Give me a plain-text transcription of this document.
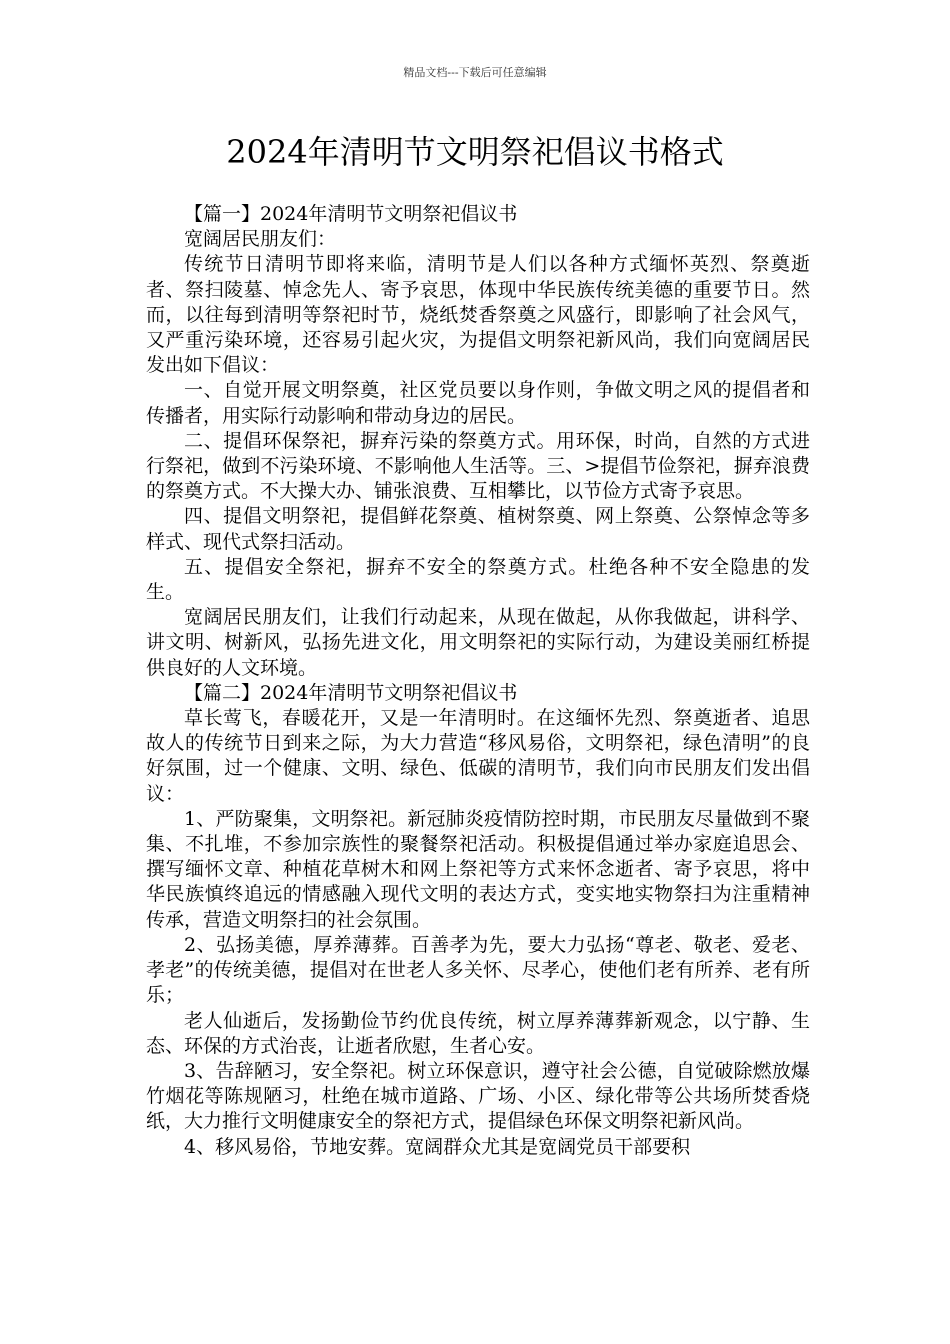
精品文档---下载后可任意编辑
2024年清明节文明祭祀倡议书格式

【篇一】2024年清明节文明祭祀倡议书

宽阔居民朋友们：

传统节日清明节即将来临，清明节是人们以各种方式缅怀英烈、祭奠逝者、祭扫陵墓、悼念先人、寄予哀思，体现中华民族传统美德的重要节日。然而，以往每到清明等祭祀时节，烧纸焚香祭奠之风盛行，即影响了社会风气，又严重污染环境，还容易引起火灾，为提倡文明祭祀新风尚，我们向宽阔居民发出如下倡议：

一、自觉开展文明祭奠，社区党员要以身作则，争做文明之风的提倡者和传播者，用实际行动影响和带动身边的居民。

二、提倡环保祭祀，摒弃污染的祭奠方式。用环保，时尚，自然的方式进行祭祀，做到不污染环境、不影响他人生活等。三、>提倡节俭祭祀，摒弃浪费的祭奠方式。不大操大办、铺张浪费、互相攀比，以节俭方式寄予哀思。

四、提倡文明祭祀，提倡鲜花祭奠、植树祭奠、网上祭奠、公祭悼念等多样式、现代式祭扫活动。

五、提倡安全祭祀，摒弃不安全的祭奠方式。杜绝各种不安全隐患的发生。

宽阔居民朋友们，让我们行动起来，从现在做起，从你我做起，讲科学、讲文明、树新风，弘扬先进文化，用文明祭祀的实际行动，为建设美丽红桥提供良好的人文环境。

【篇二】2024年清明节文明祭祀倡议书

草长莺飞，春暖花开，又是一年清明时。在这缅怀先烈、祭奠逝者、追思故人的传统节日到来之际，为大力营造“移风易俗，文明祭祀，绿色清明”的良好氛围，过一个健康、文明、绿色、低碳的清明节，我们向市民朋友们发出倡议：

1、严防聚集，文明祭祀。新冠肺炎疫情防控时期，市民朋友尽量做到不聚集、不扎堆，不参加宗族性的聚餐祭祀活动。积极提倡通过举办家庭追思会、撰写缅怀文章、种植花草树木和网上祭祀等方式来怀念逝者、寄予哀思，将中华民族慎终追远的情感融入现代文明的表达方式，变实地实物祭扫为注重精神传承，营造文明祭扫的社会氛围。

2、弘扬美德，厚养薄葬。百善孝为先，要大力弘扬“尊老、敬老、爱老、孝老”的传统美德，提倡对在世老人多关怀、尽孝心，使他们老有所养、老有所乐；

老人仙逝后，发扬勤俭节约优良传统，树立厚养薄葬新观念，以宁静、生态、环保的方式治丧，让逝者欣慰，生者心安。

3、告辞陋习，安全祭祀。树立环保意识，遵守社会公德，自觉破除燃放爆竹烟花等陈规陋习，杜绝在城市道路、广场、小区、绿化带等公共场所焚香烧纸，大力推行文明健康安全的祭祀方式，提倡绿色环保文明祭祀新风尚。

4、移风易俗，节地安葬。宽阔群众尤其是宽阔党员干部要积
